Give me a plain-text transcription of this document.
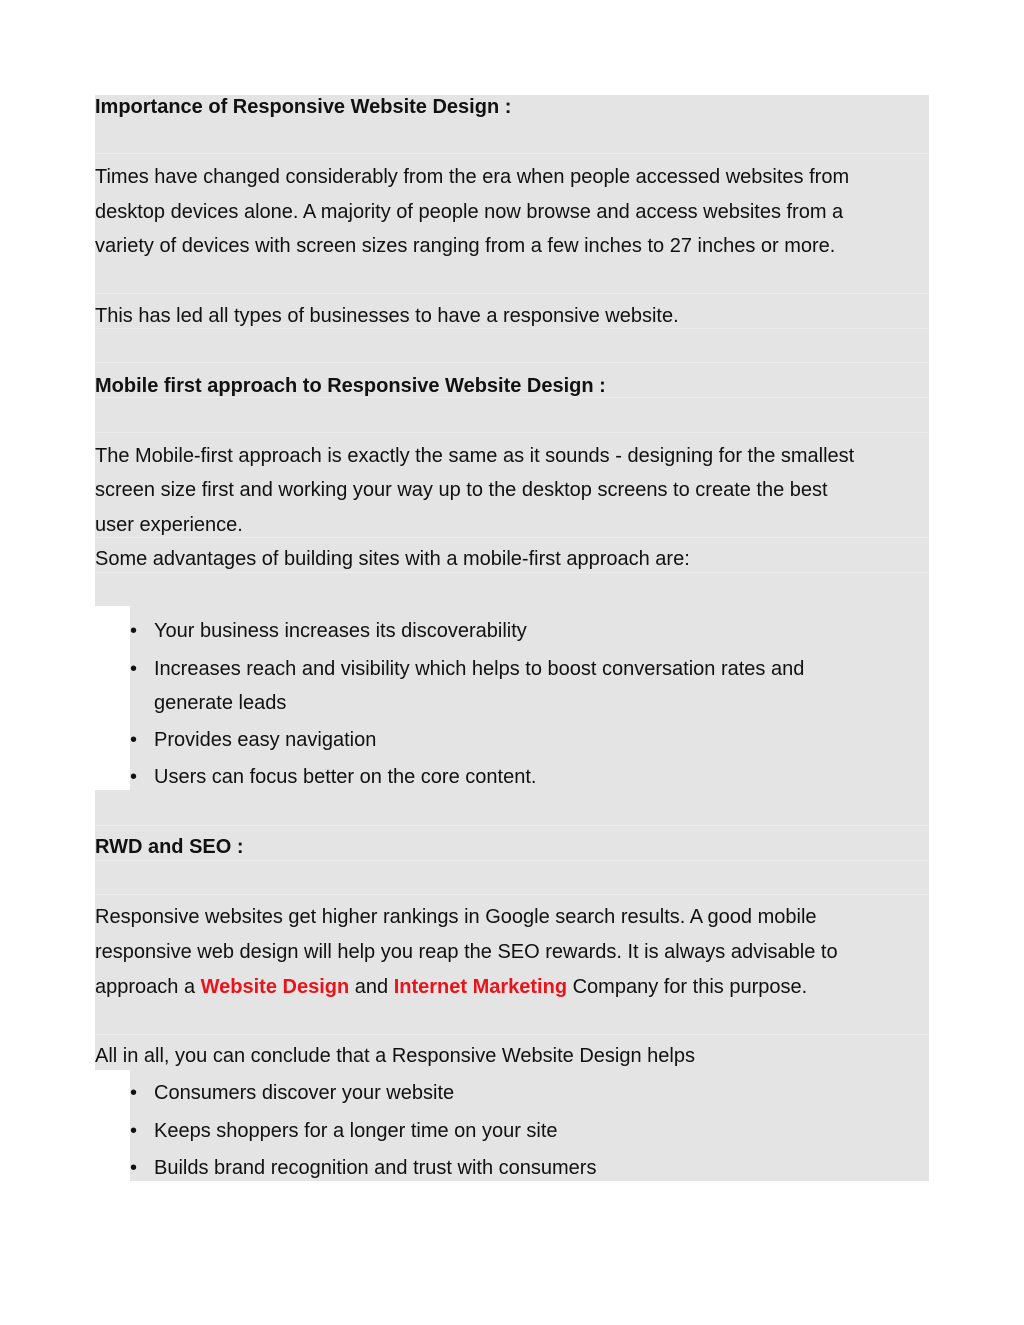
Importance of Responsive Website Design :
Times have changed considerably from the era when people accessed websites from
desktop devices alone. A majority of people now browse and access websites from a
variety of devices with screen sizes ranging from a few inches to 27 inches or more.
This has led all types of businesses to have a responsive website.
Mobile first approach to Responsive Website Design :
The Mobile-first approach is exactly the same as it sounds - designing for the smallest
screen size first and working your way up to the desktop screens to create the best
user experience.
Some advantages of building sites with a mobile-first approach are:
• Your business increases its discoverability
• Increases reach and visibility which helps to boost conversation rates and
generate leads
• Provides easy navigation
• Users can focus better on the core content.
RWD and SEO :
Responsive websites get higher rankings in Google search results. A good mobile
responsive web design will help you reap the SEO rewards. It is always advisable to
approach a Website Design and Internet Marketing Company for this purpose.
All in all, you can conclude that a Responsive Website Design helps
• Consumers discover your website
• Keeps shoppers for a longer time on your site
• Builds brand recognition and trust with consumers
